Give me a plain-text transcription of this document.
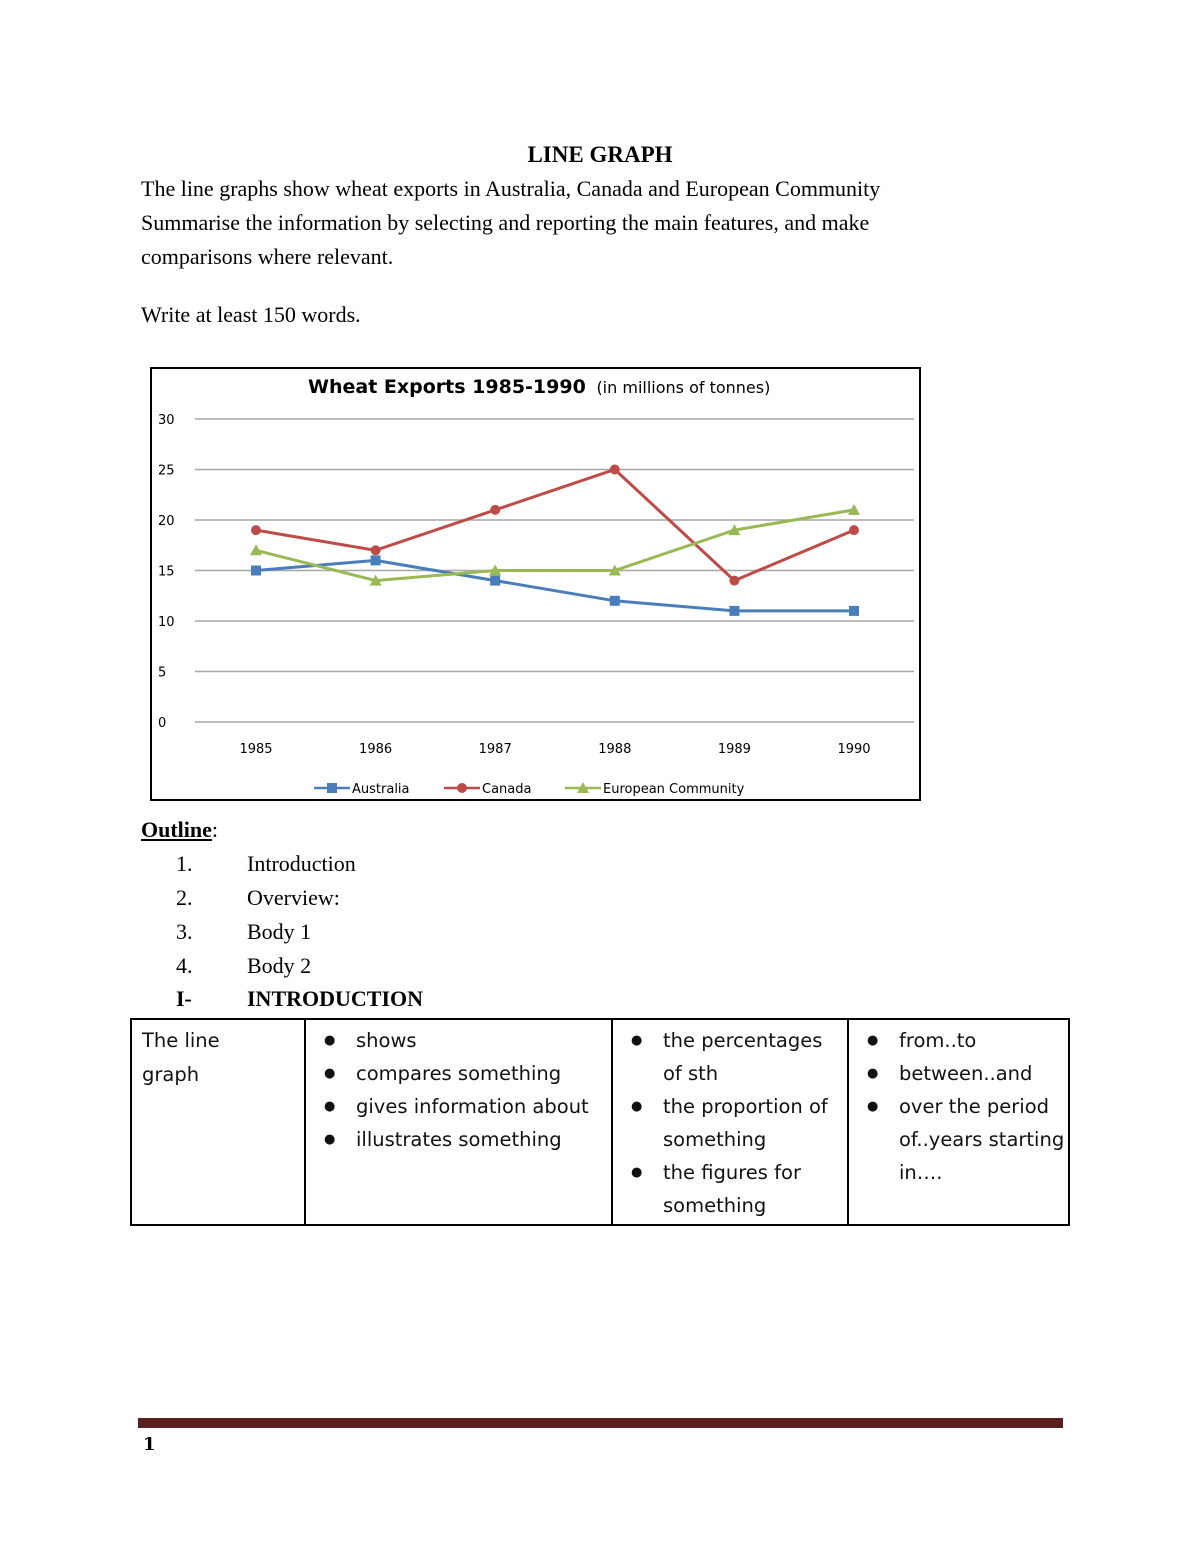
LINE GRAPH
The line graphs show wheat exports in Australia, Canada and European Community
Summarise the information by selecting and reporting the main features, and make
comparisons where relevant.
Write at least 150 words.
0
5
10
15
20
25
30
1985	1986	1987	1988	1989	1990
Australia	Canada	European Community
Wheat Exports 1985-1990 (in millions of tonnes)
Outline:
1. Introduction
2. Overview:
3. Body 1
4. Body 2
I-	INTRODUCTION
The line
graph

● shows
● compares something
● gives information about
● illustrates something

● the percentages
of sth
● the proportion of
something
● the figures for
something

● from..to
● between..and
● over the period
of..years starting
in….
1
